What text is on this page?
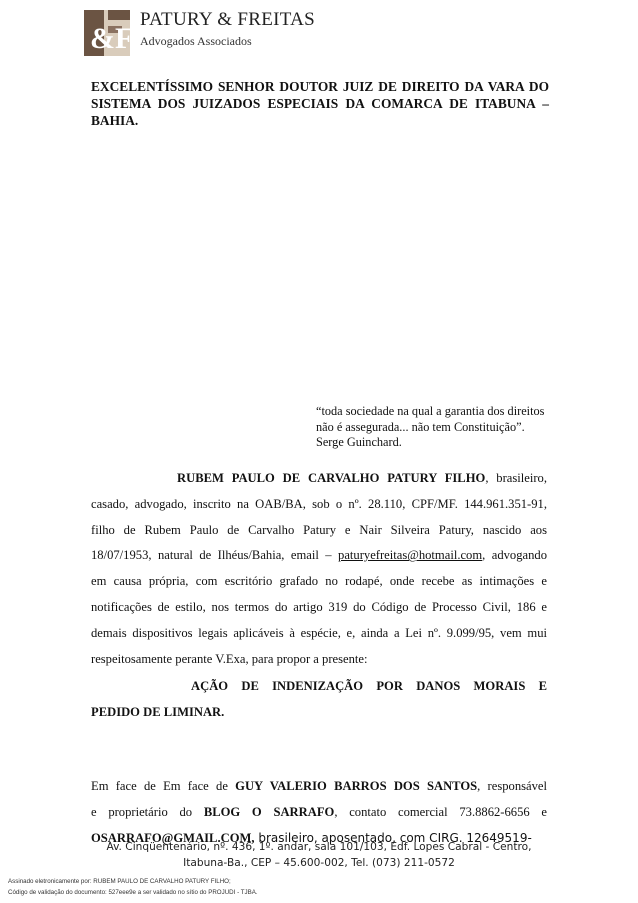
&F
PATURY & FREITAS
Advogados Associados
EXCELENTÍSSIMO SENHOR DOUTOR JUIZ DE DIREITO DA VARA DO SISTEMA DOS JUIZADOS ESPECIAIS DA COMARCA DE ITABUNA – BAHIA.
“toda sociedade na qual a garantia dos direitos
não é assegurada... não tem Constituição”.
Serge Guinchard.
RUBEM PAULO DE CARVALHO PATURY FILHO, brasileiro,
casado, advogado, inscrito na OAB/BA, sob o nº. 28.110, CPF/MF. 144.961.351-91,
filho de Rubem Paulo de Carvalho Patury e Nair Silveira Patury, nascido aos
18/07/1953, natural de Ilhéus/Bahia, email – paturyefreitas@hotmail.com, advogando
em causa própria, com escritório grafado no rodapé, onde recebe as intimações e
notificações de estilo, nos termos do artigo 319 do Código de Processo Civil, 186 e
demais dispositivos legais aplicáveis à espécie, e, ainda a Lei nº. 9.099/95, vem mui
respeitosamente perante V.Exa, para propor a presente:
AÇÃO DE INDENIZAÇÃO POR DANOS MORAIS E
PEDIDO DE LIMINAR.
Em face de Em face de GUY VALERIO BARROS DOS SANTOS, responsável
e proprietário do BLOG O SARRAFO, contato comercial 73.8862-6656 e
OSARRAFO@GMAIL.COM, brasileiro, aposentado, com CIRG. 12649519-
Av. Cinqüentenário, nº. 436, 1º. andar, sala 101/103, Edf. Lopes Cabral - Centro,
Itabuna-Ba., CEP – 45.600-002, Tel. (073) 211-0572
Assinado eletronicamente por: RUBEM PAULO DE CARVALHO PATURY FILHO;
Código de validação do documento: 527eee9e a ser validado no sítio do PROJUDI - TJBA.
